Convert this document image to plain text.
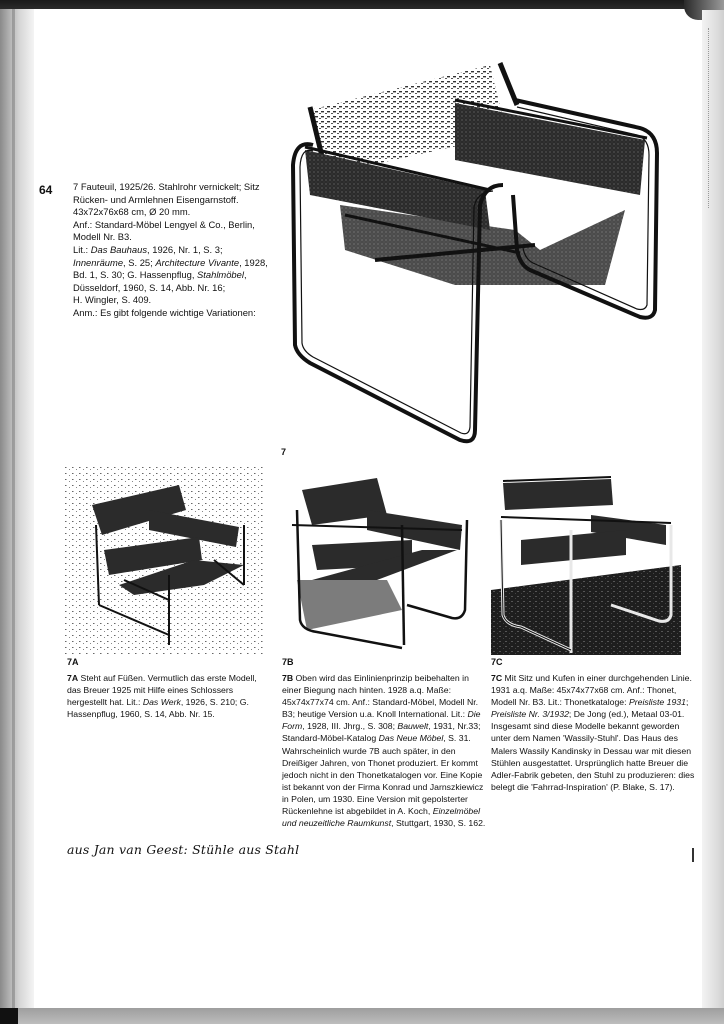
64 7 Fauteuil, 1925/26. Stahlrohr vernickelt; Sitz

Rücken- und Armlehnen Eisengarnstoff.

43x72x76x68 cm, Ø 20 mm.

Anf.: Standard-Möbel Lengyel & Co., Berlin,

Modell Nr. B3.

Lit.: Das Bauhaus, 1926, Nr. 1, S. 3;

Innenräume, S. 25; Architecture Vivante, 1928,

Bd. 1, S. 30; G. Hassenpflug, Stahlmöbel,

Düsseldorf, 1960, S. 14, Abb. Nr. 16;

H. Wingler, S. 409.

Anm.: Es gibt folgende wichtige Variationen:

7
7A	7B	7C

7A Steht auf Füßen. Vermutlich das erste Modell, das Breuer 1925 mit Hilfe eines Schlossers hergestellt hat. Lit.: Das Werk, 1926, S. 210; G. Hassenpflug, 1960, S. 14, Abb. Nr. 15.

7B Oben wird das Einlinienprinzip beibehalten in einer Biegung nach hinten. 1928 a.q. Maße: 45x74x77x74 cm. Anf.: Standard-Möbel, Modell Nr. B3; heutige Version u.a. Knoll International. Lit.: Die Form, 1928, III. Jhrg., S. 308; Bauwelt, 1931, Nr.33; Standard-Möbel-Katalog Das Neue Möbel, S. 31. Wahrscheinlich wurde 7B auch später, in den Dreißiger Jahren, von Thonet produziert. Er kommt jedoch nicht in den Thonetkatalogen vor. Eine Kopie ist bekannt von der Firma Konrad und Jarnszkiewicz in Polen, um 1930. Eine Version mit gepolsterter Rückenlehne ist abgebildet in A. Koch, Einzelmöbel und neuzeitliche Raumkunst, Stuttgart, 1930, S. 162.

7C Mit Sitz und Kufen in einer durchgehenden Linie. 1931 a.q. Maße: 45x74x77x68 cm. Anf.: Thonet, Modell Nr. B3. Lit.: Thonetkataloge: Preisliste 1931; Preisliste Nr. 3/1932; De Jong (ed.), Metaal 03-01.

Insgesamt sind diese Modelle bekannt geworden unter dem Namen 'Wassily-Stuhl'. Das Haus des Malers Wassily Kandinsky in Dessau war mit diesen Stühlen ausgestattet. Ursprünglich hatte Breuer die Adler-Fabrik gebeten, den Stuhl zu produzieren: dies belegt die 'Fahrrad-Inspiration' (P. Blake, S. 17).

aus Jan van Geest: Stühle aus Stahl
